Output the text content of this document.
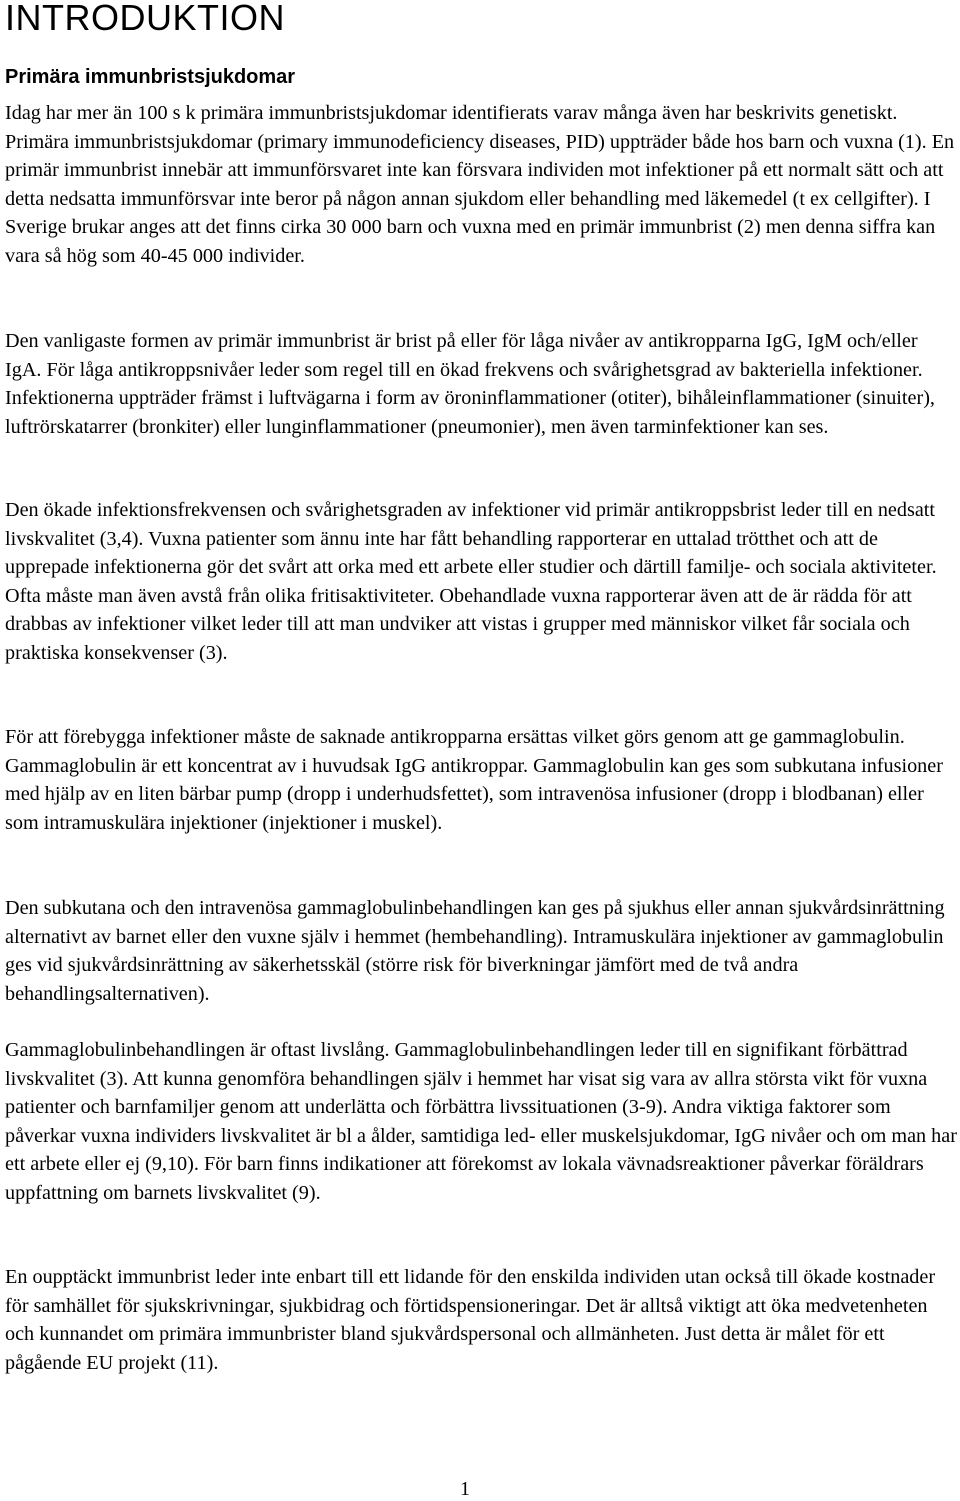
INTRODUKTION
Primära immunbristsjukdomar

Idag har mer än 100 s k primära immunbristsjukdomar identifierats varav många även har beskrivits genetiskt. Primära immunbristsjukdomar (primary immunodeficiency diseases, PID) uppträder både hos barn och vuxna (1). En primär immunbrist innebär att immunförsvaret inte kan försvara individen mot infektioner på ett normalt sätt och att detta nedsatta immunförsvar inte beror på någon annan sjukdom eller behandling med läkemedel (t ex cellgifter). I Sverige brukar anges att det finns cirka 30 000 barn och vuxna med en primär immunbrist (2) men denna siffra kan vara så hög som 40-45 000 individer.

Den vanligaste formen av primär immunbrist är brist på eller för låga nivåer av antikropparna IgG, IgM och/eller IgA. För låga antikroppsnivåer leder som regel till en ökad frekvens och svårighetsgrad av bakteriella infektioner. Infektionerna uppträder främst i luftvägarna i form av öroninflammationer (otiter), bihåleinflammationer (sinuiter), luftrörskatarrer (bronkiter) eller lunginflammationer (pneumonier), men även tarminfektioner kan ses.

Den ökade infektionsfrekvensen och svårighetsgraden av infektioner vid primär antikroppsbrist leder till en nedsatt livskvalitet (3,4). Vuxna patienter som ännu inte har fått behandling rapporterar en uttalad trötthet och att de upprepade infektionerna gör det svårt att orka med ett arbete eller studier och därtill familje- och sociala aktiviteter. Ofta måste man även avstå från olika fritisaktiviteter. Obehandlade vuxna rapporterar även att de är rädda för att drabbas av infektioner vilket leder till att man undviker att vistas i grupper med människor vilket får sociala och praktiska konsekvenser (3).

För att förebygga infektioner måste de saknade antikropparna ersättas vilket görs genom att ge gammaglobulin. Gammaglobulin är ett koncentrat av i huvudsak IgG antikroppar. Gammaglobulin kan ges som subkutana infusioner med hjälp av en liten bärbar pump (dropp i underhudsfettet), som intravenösa infusioner (dropp i blodbanan) eller som intramuskulära injektioner (injektioner i muskel).

Den subkutana och den intravenösa gammaglobulinbehandlingen kan ges på sjukhus eller annan sjukvårdsinrättning alternativt av barnet eller den vuxne själv i hemmet (hembehandling). Intramuskulära injektioner av gammaglobulin ges vid sjukvårdsinrättning av säkerhetsskäl (större risk för biverkningar jämfört med de två andra behandlingsalternativen).

Gammaglobulinbehandlingen är oftast livslång. Gammaglobulinbehandlingen leder till en signifikant förbättrad livskvalitet (3). Att kunna genomföra behandlingen själv i hemmet har visat sig vara av allra största vikt för vuxna patienter och barnfamiljer genom att underlätta och förbättra livssituationen (3-9). Andra viktiga faktorer som påverkar vuxna individers livskvalitet är bl a ålder, samtidiga led- eller muskelsjukdomar, IgG nivåer och om man har ett arbete eller ej (9,10). För barn finns indikationer att förekomst av lokala vävnadsreaktioner påverkar föräldrars uppfattning om barnets livskvalitet (9).

En oupptäckt immunbrist leder inte enbart till ett lidande för den enskilda individen utan också till ökade kostnader för samhället för sjukskrivningar, sjukbidrag och förtidspensioneringar. Det är alltså viktigt att öka medvetenheten och kunnandet om primära immunbrister bland sjukvårdspersonal och allmänheten. Just detta är målet för ett pågående EU projekt (11).

1
